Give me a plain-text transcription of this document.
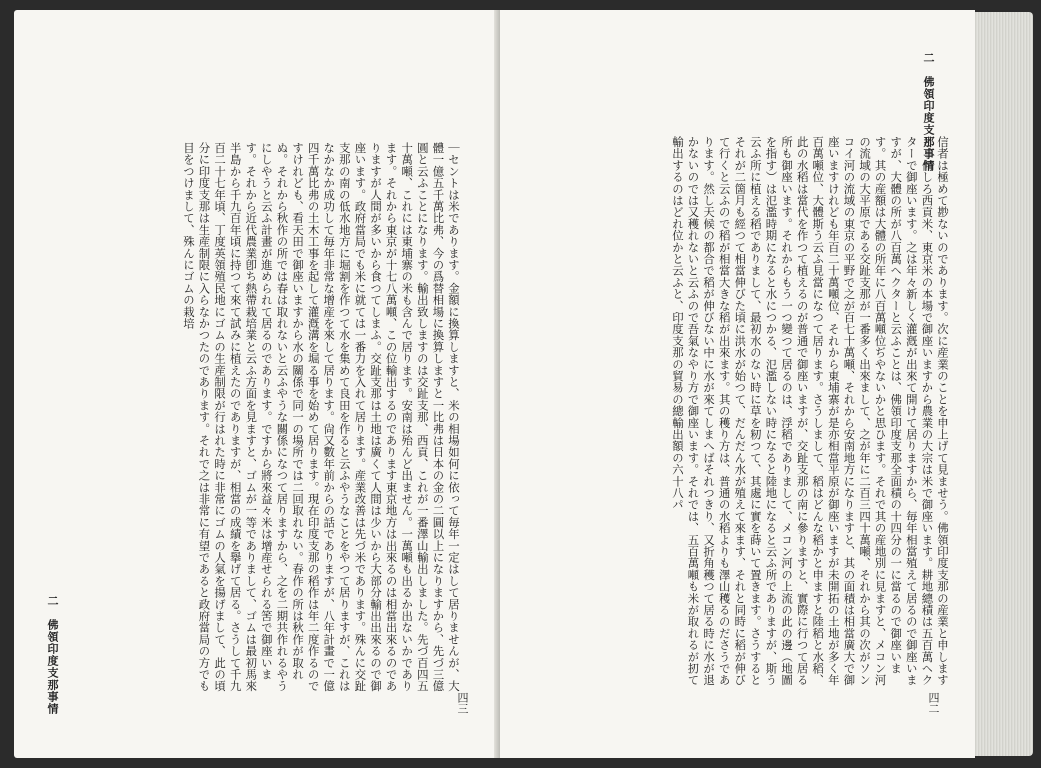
｜セントは米であります。金額に換算しますと、米の相場如何に依って毎年一定はして居りませんが、大體一億五千萬比弗、今の爲替相場に換算しますと一比弗は日本の金の二圓以上になりますから、先づ三億圓と云ふことになります。輸出致しますのは交趾支那、西貢、これが一番澤山輸出しました。先づ百四五十萬噸、これには東埔寨の米も含んで居ります。安南は殆んど出ません。一萬噸も出るか出ないかであります。それから東京が十七八萬噸、この位輸出するのであります東京地方は出來るのは相當出來るのでありますが人間が多いから食つてしまふ。交趾支那は土地は廣くて人間は少いから大部分輸出出來るので御座います。政府當局でも米に就ては一番力を入れて居ります。産業改善は先づ米であります。殊んに交趾支那の南の低水地方に堀割を作つて水を集めて良田を作ると云ふやうなことをやつて居りますが、これはなかなか成功して毎年非常な增産を來して居ります。尙又數年前からの話でありますが、八年計畫で一億四千萬比弗の土木工事を起して灌漑溝を堀る事を始めて居ります。現在印度支那の稻作は年二度作るのですけれども、看天田で御座いますから水の關係で同一の場所では二回取れない。春作の所は秋作が取れぬ。それから秋作の所では春は取れないと云ふやうな關係になつて居りますから、之を二期共作れるやうにしやうと云ふ計畫が進められて居るのであります。ですから將來益々米は增産せられる筈で御座います。それから近代農業卽ち熱帶栽培業と云ふ方面を見ますと、ゴムが一等でありまして、ゴムは最初馬來半島から千九百年頃に持つて來て試みに植えたのでありますが、相當の成績を擧げて居る。さうして千九百二十七年頃、丁度英領殖民地にゴムの生産制限が行はれた時に非常にゴムの人氣を揚げまして、此の頃分に印度支那は生産制限に入らなかつたのであります。それで之は非常に有望であると政府當局の方でも目をつけまして、殊んにゴムの栽培
二　佛領印度支那事情	四三
信者は極めて尠ないのであります。次に産業のことを申上げて見ませう。佛領印度支那の産業と申しますと、何しろ西貢米、東京米の本場で御座いますから農業の大宗は米で御座います。耕地總積は五百萬ヘクターで御座います。之は年々新しく灌漑が出來て開けて居りますから、毎年相當殖えて居るので御座いますが、大體の所が八百萬ヘクターと云ふことは、佛領印度支那全面積の十四分の一に當るので御座います。其の産額は大體の所年に八百萬噸位ぢやないかと思ひます。それで其の産地別に見ますと、メコン河の流域の大平原である交趾支那が一番多く出來まして、之が年に二百三四十萬噸、それから其の次がソンコイ河の流域の東京の平野で之が百七十萬噸、それから安南地方になりますと、其の面積は相當廣大で御座いますけれども年百二十萬噸位、それから東埔寨が是亦相當平原が御座いますが未開拓の土地が多く年百萬噸位、大體斯う云ふ見當になつて居ります。さうしまして、稻はどんな稻かと申ますと陸稻と水稻、此の水稻は當代を作つて植えるのが普通で御座いますが、交趾支那の南に參りますと、實際に行つて居る所も御座います。それからもう一つ變つて居るのは、浮稻でありまして、メコン河の上流の此の邊（地圖を指す）は氾濫時期になると水につかる、氾濫しない時になると陸地になると云ふ所でありますが、斯う云ふ所に植える稻でありまして、最初水のない時に草を籾つて、其處に實を蒔いて置きます。さうするとそれが二箇月も經つて相當伸びた頃に洪水が始つて、だんだん水が殖えて來ます、それと同時に稻が伸びて行くと云ふので稻が相當大きな稻が出來ます。其の穫り方は、普通の水稻よりも澤山穫るのださうであります。然し天候の都合で稻が伸びない中に水が來てしまへばそれつきり、又折角穫つて居る時に水が退かないのでは又穫れないと云ふので吾氣なやり方で御座います。それでは、五百萬噸も米が取れるが扨て輸出するのはどれ位かと云ふと、印度支那の貿易の總輸出額の六十八パ
二　佛領印度支那事情
四二
